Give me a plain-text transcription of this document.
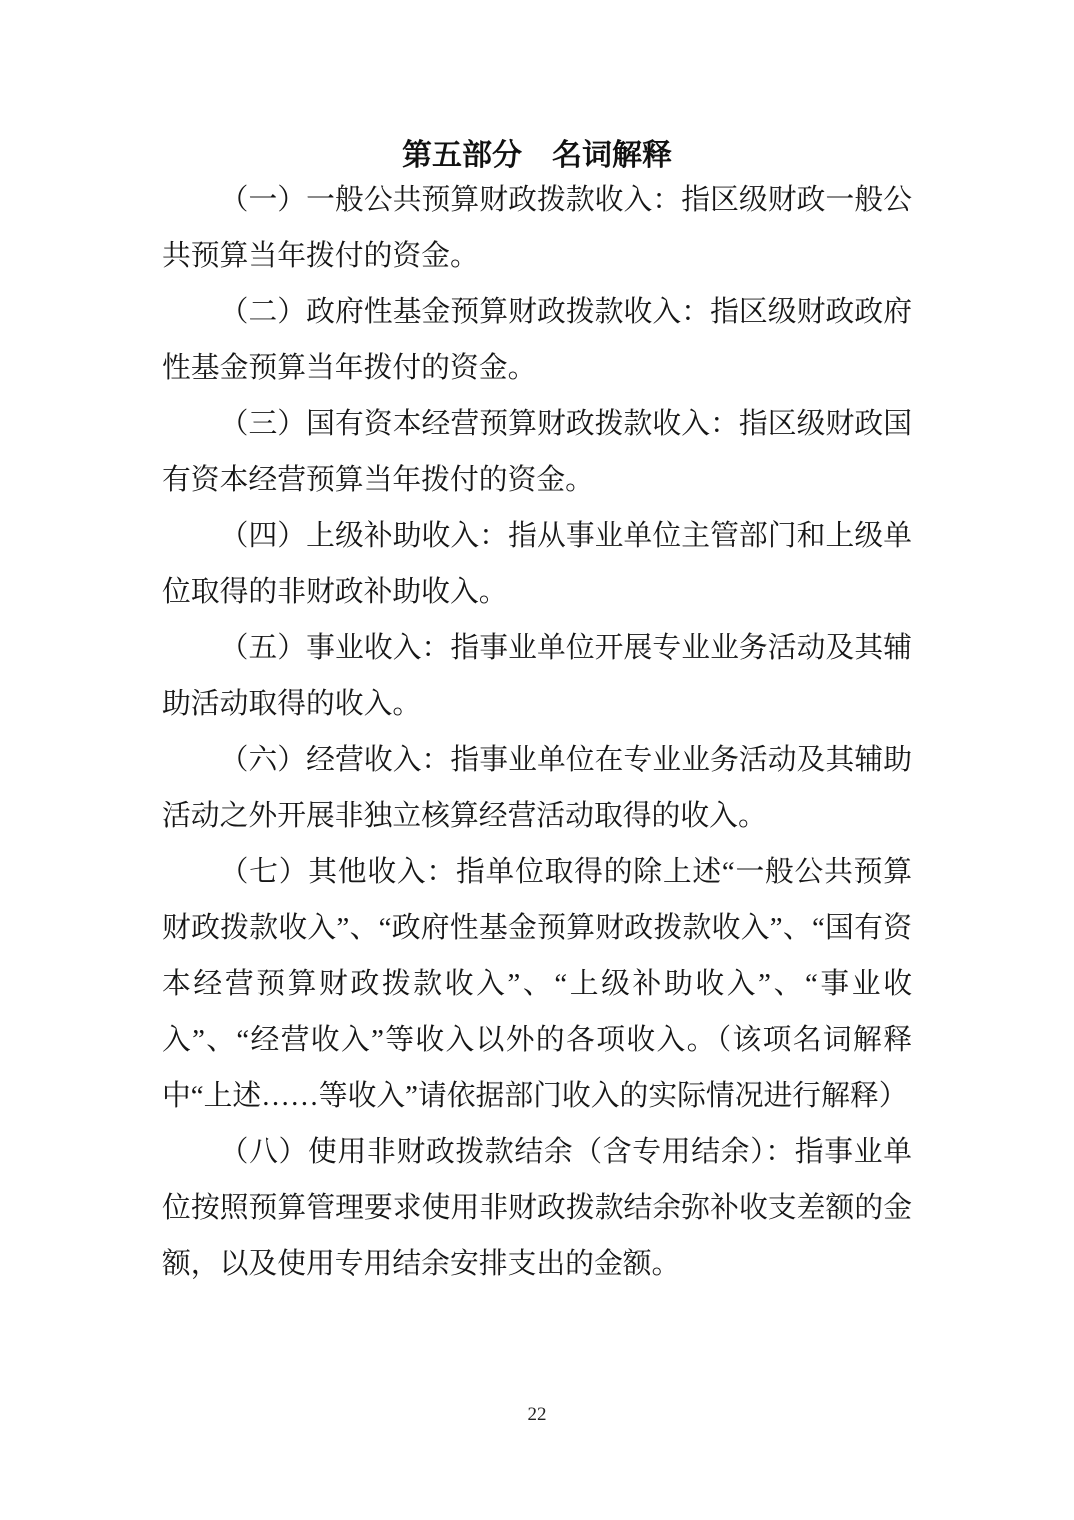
第五部分　名词解释

（一）一般公共预算财政拨款收入：指区级财政一般公共预算当年拨付的资金。

（二）政府性基金预算财政拨款收入：指区级财政政府性基金预算当年拨付的资金。

（三）国有资本经营预算财政拨款收入：指区级财政国有资本经营预算当年拨付的资金。

（四）上级补助收入：指从事业单位主管部门和上级单位取得的非财政补助收入。

（五）事业收入：指事业单位开展专业业务活动及其辅助活动取得的收入。

（六）经营收入：指事业单位在专业业务活动及其辅助活动之外开展非独立核算经营活动取得的收入。

（七）其他收入：指单位取得的除上述“一般公共预算财政拨款收入”、“政府性基金预算财政拨款收入”、“国有资本经营预算财政拨款收入”、“上级补助收入”、“事业收入”、“经营收入”等收入以外的各项收入。（该项名词解释中“上述……等收入”请依据部门收入的实际情况进行解释）

（八）使用非财政拨款结余（含专用结余）：指事业单位按照预算管理要求使用非财政拨款结余弥补收支差额的金额，以及使用专用结余安排支出的金额。

22
